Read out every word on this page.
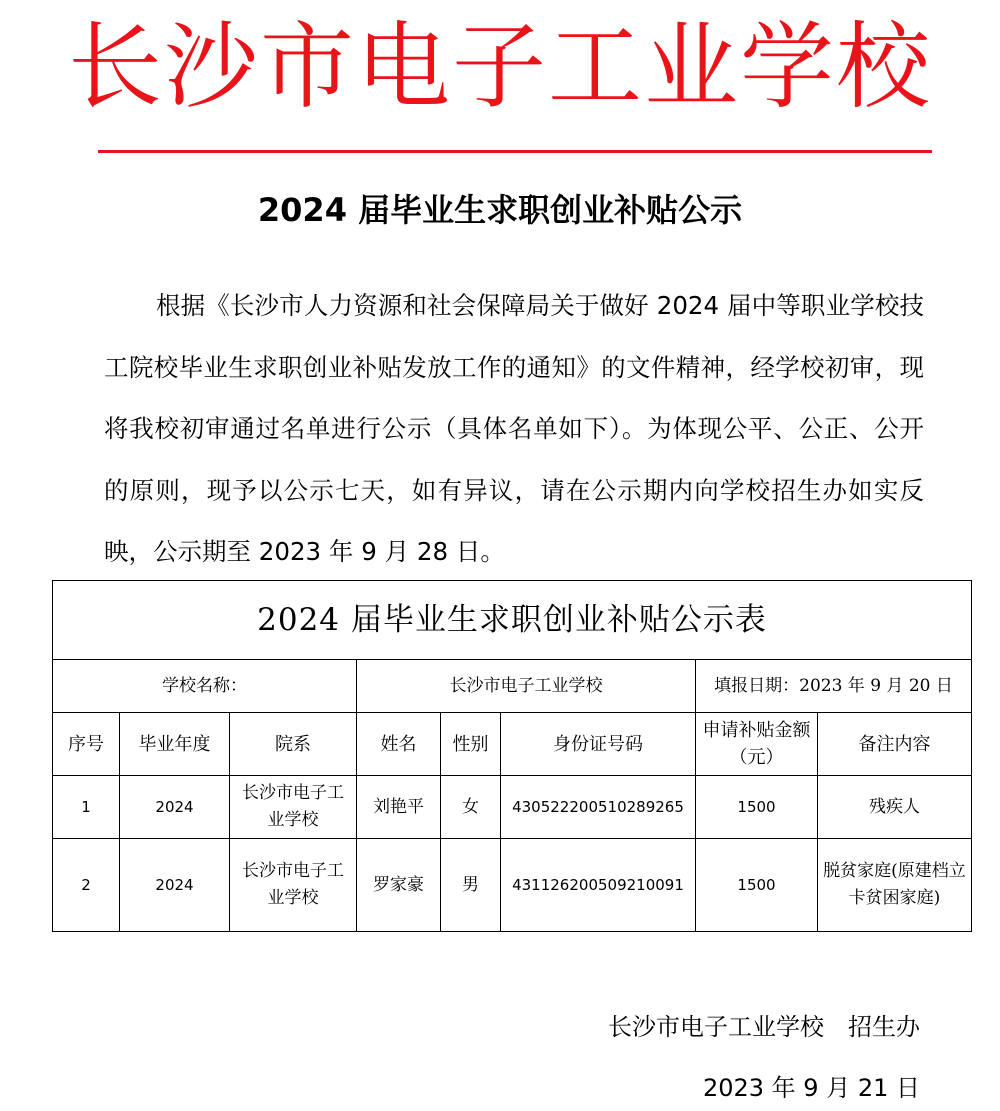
长沙市电子工业学校
2024 届毕业生求职创业补贴公示

根据《长沙市人力资源和社会保障局关于做好 2024 届中等职业学校技工院校毕业生求职创业补贴发放工作的通知》的文件精神，经学校初审，现将我校初审通过名单进行公示（具体名单如下）。为体现公平、公正、公开的原则，现予以公示七天，如有异议，请在公示期内向学校招生办如实反映，公示期至 2023 年 9 月 28 日。

2024 届毕业生求职创业补贴公示表							
学校名称：			长沙市电子工业学校			填报日期：2023 年 9 月 20 日	
序号	毕业年度	院系	姓名	性别	身份证号码	申请补贴金额（元）	备注内容
1	2024	长沙市电子工业学校	刘艳平	女	430522200510289265	1500	残疾人
2	2024	长沙市电子工业学校	罗家豪	男	431126200509210091	1500	脱贫家庭(原建档立卡贫困家庭)
长沙市电子工业学校　招生办
2023 年 9 月 21 日
